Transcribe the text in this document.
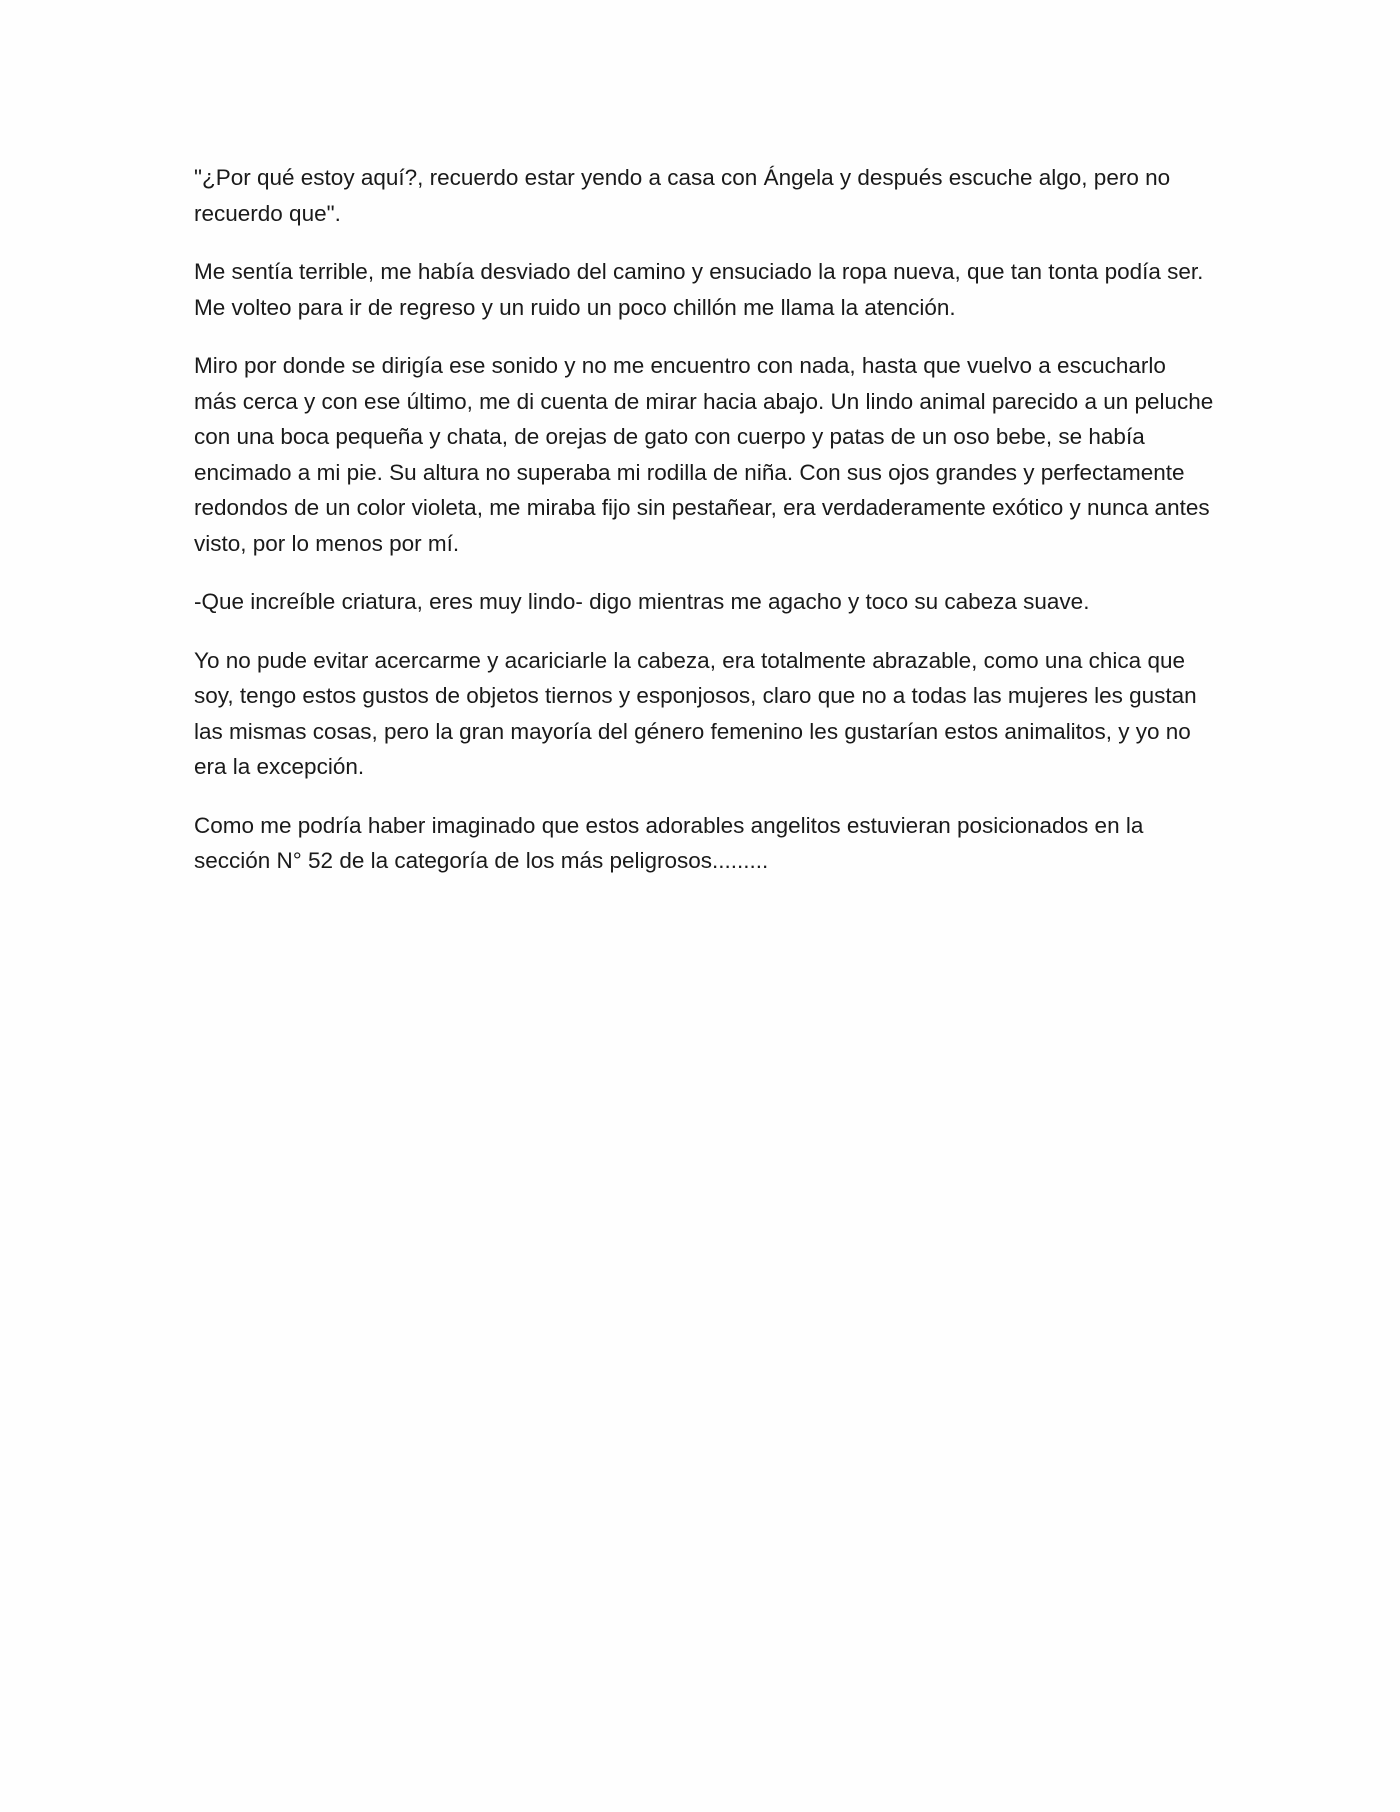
"¿Por qué estoy aquí?, recuerdo estar yendo a casa con Ángela y después escuche algo, pero no recuerdo que".

Me sentía terrible, me había desviado del camino y ensuciado la ropa nueva, que tan tonta podía ser. Me volteo para ir de regreso y un ruido un poco chillón me llama la atención.

Miro por donde se dirigía ese sonido y no me encuentro con nada, hasta que vuelvo a escucharlo más cerca y con ese último, me di cuenta de mirar hacia abajo. Un lindo animal parecido a un peluche con una boca pequeña y chata, de orejas de gato con cuerpo y patas de un oso bebe, se había encimado a mi pie. Su altura no superaba mi rodilla de niña. Con sus ojos grandes y perfectamente redondos de un color violeta, me miraba fijo sin pestañear, era verdaderamente exótico y nunca antes visto, por lo menos por mí.

-Que increíble criatura, eres muy lindo- digo mientras me agacho y toco su cabeza suave.

Yo no pude evitar acercarme y acariciarle la cabeza, era totalmente abrazable, como una chica que soy, tengo estos gustos de objetos tiernos y esponjosos, claro que no a todas las mujeres les gustan las mismas cosas, pero la gran mayoría del género femenino les gustarían estos animalitos, y yo no era la excepción.

Como me podría haber imaginado que estos adorables angelitos estuvieran posicionados en la sección N° 52 de la categoría de los más peligrosos.........
